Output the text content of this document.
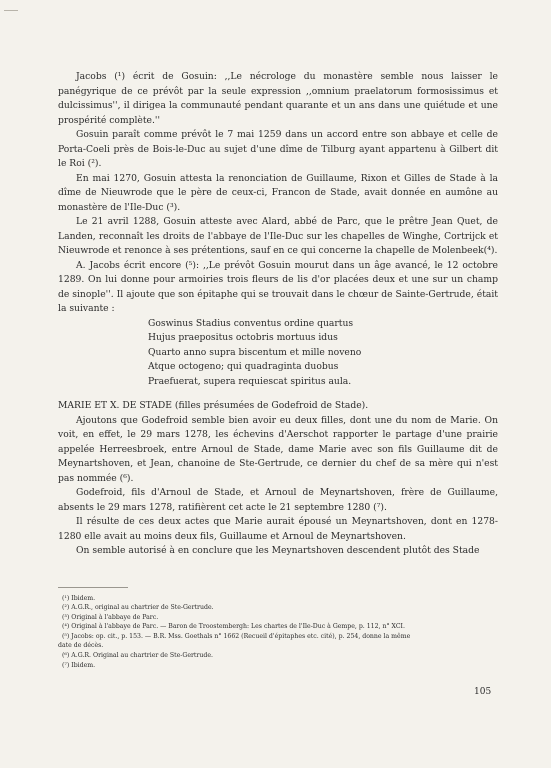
Jacobs (¹) écrit de Gosuin: ,,Le nécrologe du monastère semble nous laisser le panégyrique de ce prévôt par la seule expression ,,omnium praelatorum formosissimus et dulcissimus'', il dirigea la communauté pendant quarante et un ans dans une quiétude et une prospérité complète.''

Gosuin paraît comme prévôt le 7 mai 1259 dans un accord entre son abbaye et celle de Porta-Coeli près de Bois-le-Duc au sujet d'une dîme de Tilburg ayant appartenu à Gilbert dit le Roi (²).

En mai 1270, Gosuin attesta la renonciation de Guillaume, Rixon et Gilles de Stade à la dîme de Nieuwrode que le père de ceux-ci, Francon de Stade, avait donnée en aumône au monastère de l'Ile-Duc (³).

Le 21 avril 1288, Gosuin atteste avec Alard, abbé de Parc, que le prêtre Jean Quet, de Landen, reconnaît les droits de l'abbaye de l'Ile-Duc sur les chapelles de Winghe, Cortrijck et Nieuwrode et renonce à ses prétentions, sauf en ce qui concerne la chapelle de Molenbeek(⁴).

A. Jacobs écrit encore (⁵): ,,Le prévôt Gosuin mourut dans un âge avancé, le 12 octobre 1289. On lui donne pour armoiries trois fleurs de lis d'or placées deux et une sur un champ de sinople''. Il ajoute que son épitaphe qui se trouvait dans le chœur de Sainte-Gertrude, était la suivante :

Goswinus Stadius conventus ordine quartus
Hujus praepositus octobris mortuus idus
Quarto anno supra biscentum et mille noveno
Atque octogeno; qui quadraginta duobus
Praefuerat, supera requiescat spiritus aula.

MARIE ET X. DE STADE (filles présumées de Godefroid de Stade).

Ajoutons que Godefroid semble bien avoir eu deux filles, dont une du nom de Marie. On voit, en effet, le 29 mars 1278, les échevins d'Aerschot rapporter le partage d'une prairie appelée Herreesbroek, entre Arnoul de Stade, dame Marie avec son fils Guillaume dit de Meynartshoven, et Jean, chanoine de Ste-Gertrude, ce dernier du chef de sa mère qui n'est pas nommée (⁶).

Godefroid, fils d'Arnoul de Stade, et Arnoul de Meynartshoven, frère de Guillaume, absents le 29 mars 1278, ratifièrent cet acte le 21 septembre 1280 (⁷).

Il résulte de ces deux actes que Marie aurait épousé un Meynartshoven, dont en 1278-1280 elle avait au moins deux fils, Guillaume et Arnoul de Meynartshoven.

On semble autorisé à en conclure que les Meynartshoven descendent plutôt des Stade

(¹) Ibidem.

(²) A.G.R., original au chartrier de Ste-Gertrude.

(³) Original à l'abbaye de Parc.

(⁴) Original à l'abbaye de Parc. — Baron de Troostembergh: Les chartes de l'Ile-Duc à Gempe, p. 112, n° XCI.

(⁵) Jacobs: op. cit., p. 153. — B.R. Mss. Goethals n° 1662 (Recueil d'épitaphes etc. cité), p. 254, donne la même

date de décès.

(⁶) A.G.R. Original au chartrier de Ste-Gertrude.

(⁷) Ibidem.

105
